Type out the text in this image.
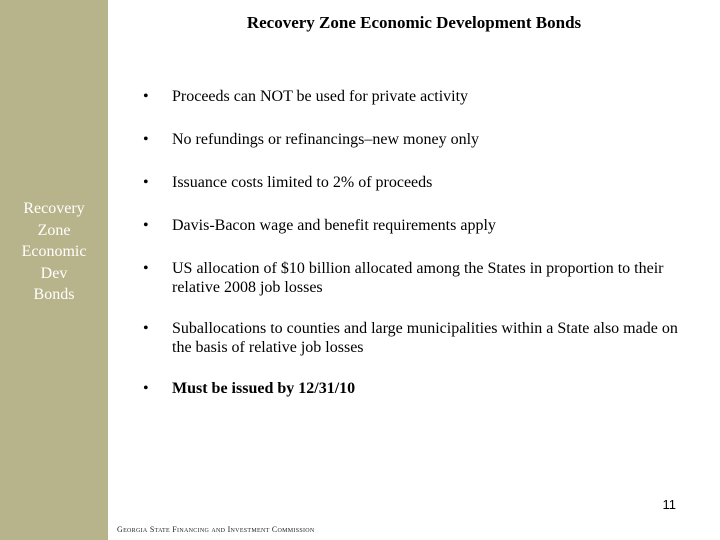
Recovery
Zone
Economic
Dev
Bonds
Recovery Zone Economic Development Bonds
• Proceeds can NOT be used for private activity
• No refundings or refinancings–new money only
• Issuance costs limited to 2% of proceeds
• Davis-Bacon wage and benefit requirements apply
• US allocation of $10 billion allocated among the States in proportion to their relative 2008 job losses
• Suballocations to counties and large municipalities within a State also made on the basis of relative job losses
• Must be issued by 12/31/10
11
Georgia State Financing and Investment Commission
